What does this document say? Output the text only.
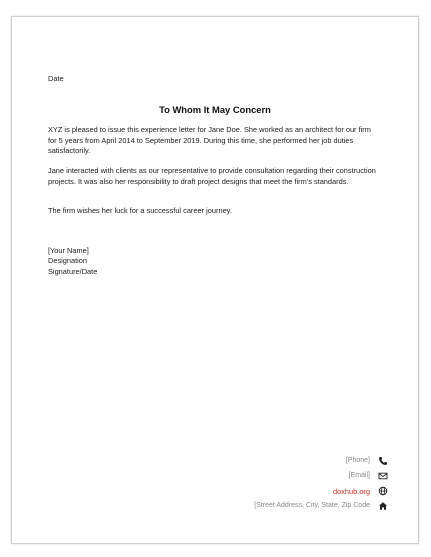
Date
To Whom It May Concern
XYZ is pleased to issue this experience letter for Jane Doe. She worked as an architect for our firm for 5 years from April 2014 to September 2019. During this time, she performed her job duties satisfactorily.
Jane interacted with clients as our representative to provide consultation regarding their construction projects. It was also her responsibility to draft project designs that meet the firm's standards.
The firm wishes her luck for a successful career journey.
[Your Name]
Designation
Signature/Date
[Phone]
[Email]
doxhub.org
[Street Address, City, State, Zip Code
